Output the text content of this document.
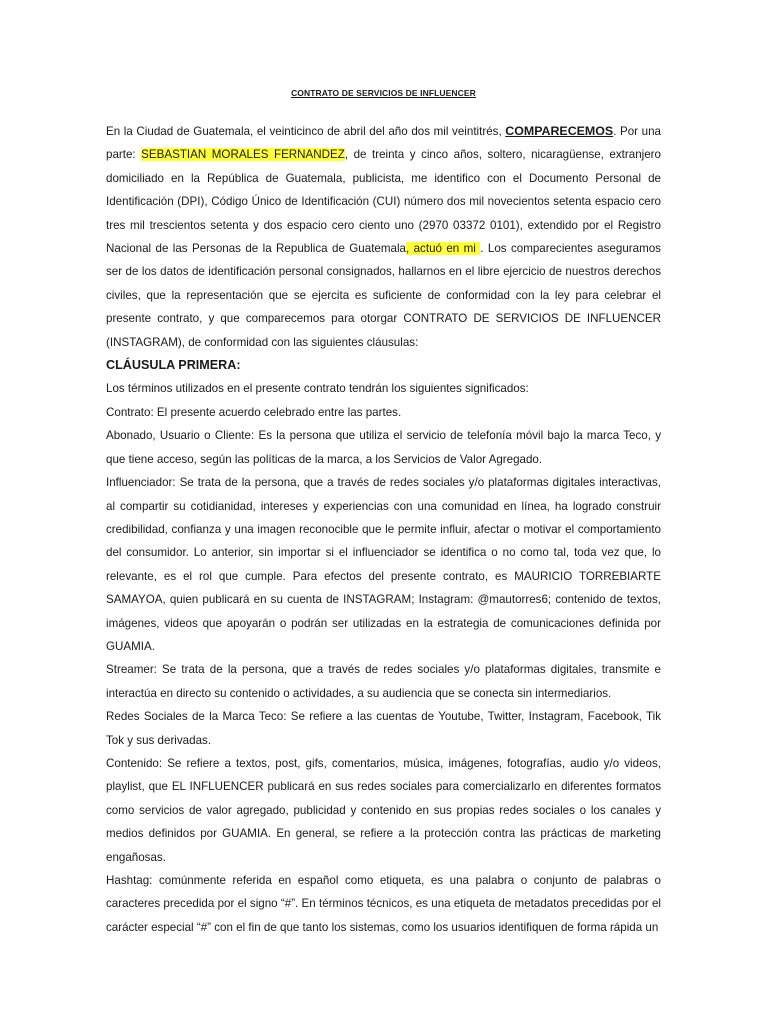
CONTRATO DE SERVICIOS DE INFLUENCER

En la Ciudad de Guatemala, el veinticinco de abril del año dos mil veintitrés, COMPARECEMOS. Por una parte: SEBASTIAN MORALES FERNANDEZ, de treinta y cinco años, soltero, nicaragüense, extranjero domiciliado en la República de Guatemala, publicista, me identifico con el Documento Personal de Identificación (DPI), Código Único de Identificación (CUI) número dos mil novecientos setenta espacio cero tres mil trescientos setenta y dos espacio cero ciento uno (2970 03372 0101), extendido por el Registro Nacional de las Personas de la Republica de Guatemala, actuó en mi . Los comparecientes aseguramos ser de los datos de identificación personal consignados, hallarnos en el libre ejercicio de nuestros derechos civiles, que la representación que se ejercita es suficiente de conformidad con la ley para celebrar el presente contrato, y que comparecemos para otorgar CONTRATO DE SERVICIOS DE INFLUENCER (INSTAGRAM), de conformidad con las siguientes cláusulas:

CLÁUSULA PRIMERA:

Los términos utilizados en el presente contrato tendrán los siguientes significados:

Contrato: El presente acuerdo celebrado entre las partes.

Abonado, Usuario o Cliente: Es la persona que utiliza el servicio de telefonía móvil bajo la marca Teco, y que tiene acceso, según las políticas de la marca, a los Servicios de Valor Agregado.

Influenciador: Se trata de la persona, que a través de redes sociales y/o plataformas digitales interactivas, al compartir su cotidianidad, intereses y experiencias con una comunidad en línea, ha logrado construir credibilidad, confianza y una imagen reconocible que le permite influir, afectar o motivar el comportamiento del consumidor. Lo anterior, sin importar si el influenciador se identifica o no como tal, toda vez que, lo relevante, es el rol que cumple. Para efectos del presente contrato, es MAURICIO TORREBIARTE SAMAYOA, quien publicará en su cuenta de INSTAGRAM; Instagram: @mautorres6; contenido de textos, imágenes, videos que apoyarán o podrán ser utilizadas en la estrategia de comunicaciones definida por GUAMIA.

Streamer: Se trata de la persona, que a través de redes sociales y/o plataformas digitales, transmite e interactúa en directo su contenido o actividades, a su audiencia que se conecta sin intermediarios.

Redes Sociales de la Marca Teco: Se refiere a las cuentas de Youtube, Twitter, Instagram, Facebook, Tik Tok y sus derivadas.

Contenido: Se refiere a textos, post, gifs, comentarios, música, imágenes, fotografías, audio y/o videos, playlist, que EL INFLUENCER publicará en sus redes sociales para comercializarlo en diferentes formatos como servicios de valor agregado, publicidad y contenido en sus propias redes sociales o los canales y medios definidos por GUAMIA. En general, se refiere a la protección contra las prácticas de marketing engañosas.

Hashtag: comúnmente referida en español como etiqueta, es una palabra o conjunto de palabras o caracteres precedida por el signo “#”. En términos técnicos, es una etiqueta de metadatos precedidas por el carácter especial “#” con el fin de que tanto los sistemas, como los usuarios identifiquen de forma rápida un
